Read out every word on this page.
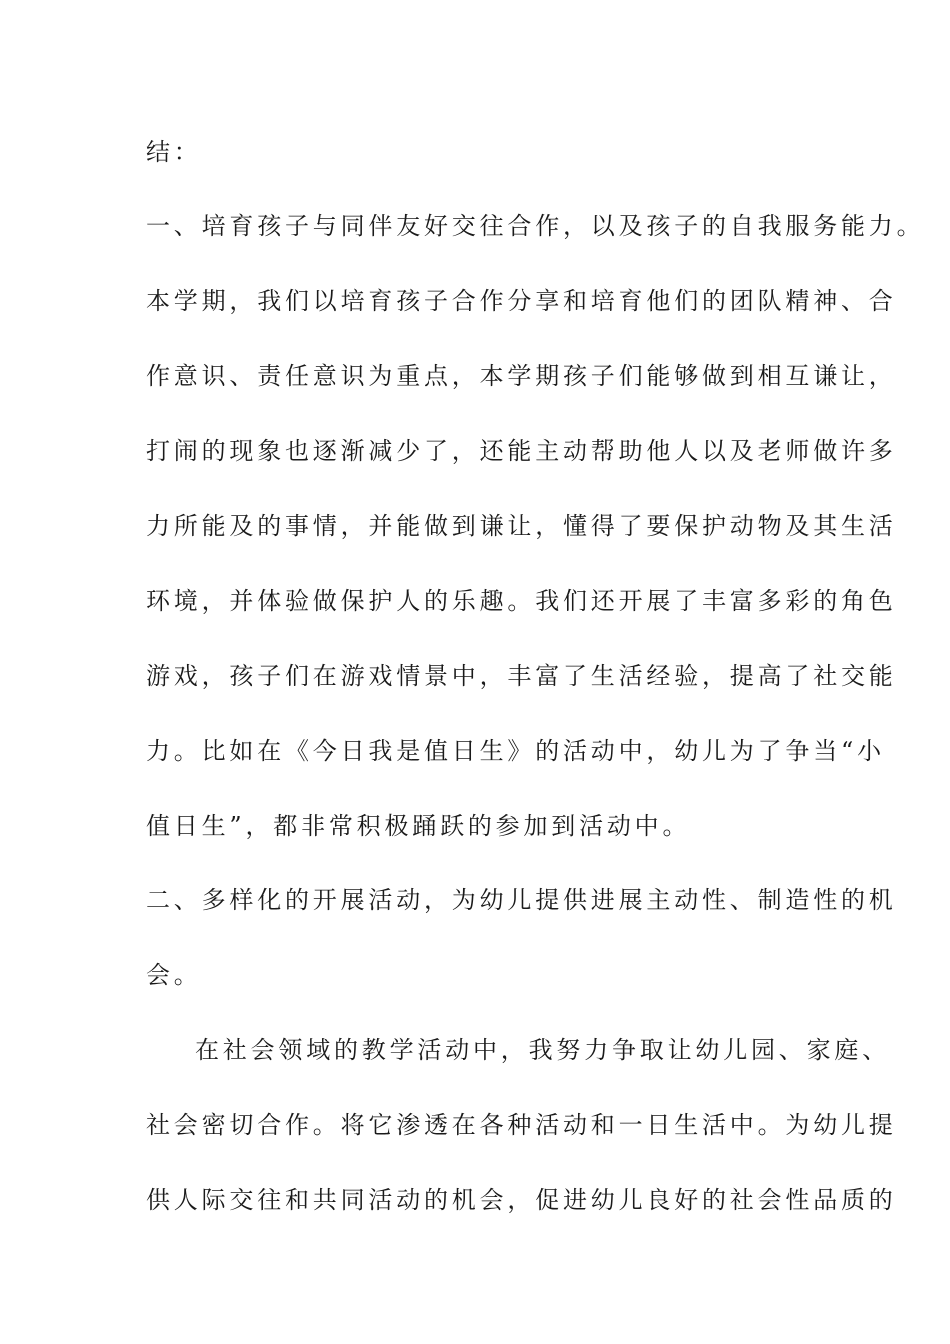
结：
一、培育孩子与同伴友好交往合作，以及孩子的自我服务能力。
本学期，我们以培育孩子合作分享和培育他们的团队精神、合
作意识、责任意识为重点，本学期孩子们能够做到相互谦让，
打闹的现象也逐渐减少了，还能主动帮助他人以及老师做许多
力所能及的事情，并能做到谦让，懂得了要保护动物及其生活
环境，并体验做保护人的乐趣。我们还开展了丰富多彩的角色
游戏，孩子们在游戏情景中，丰富了生活经验，提高了社交能
力。比如在《今日我是值日生》的活动中，幼儿为了争当“小
值日生”，都非常积极踊跃的参加到活动中。
二、多样化的开展活动，为幼儿提供进展主动性、制造性的机
会。
在社会领域的教学活动中，我努力争取让幼儿园、家庭、
社会密切合作。将它渗透在各种活动和一日生活中。为幼儿提
供人际交往和共同活动的机会，促进幼儿良好的社会性品质的
